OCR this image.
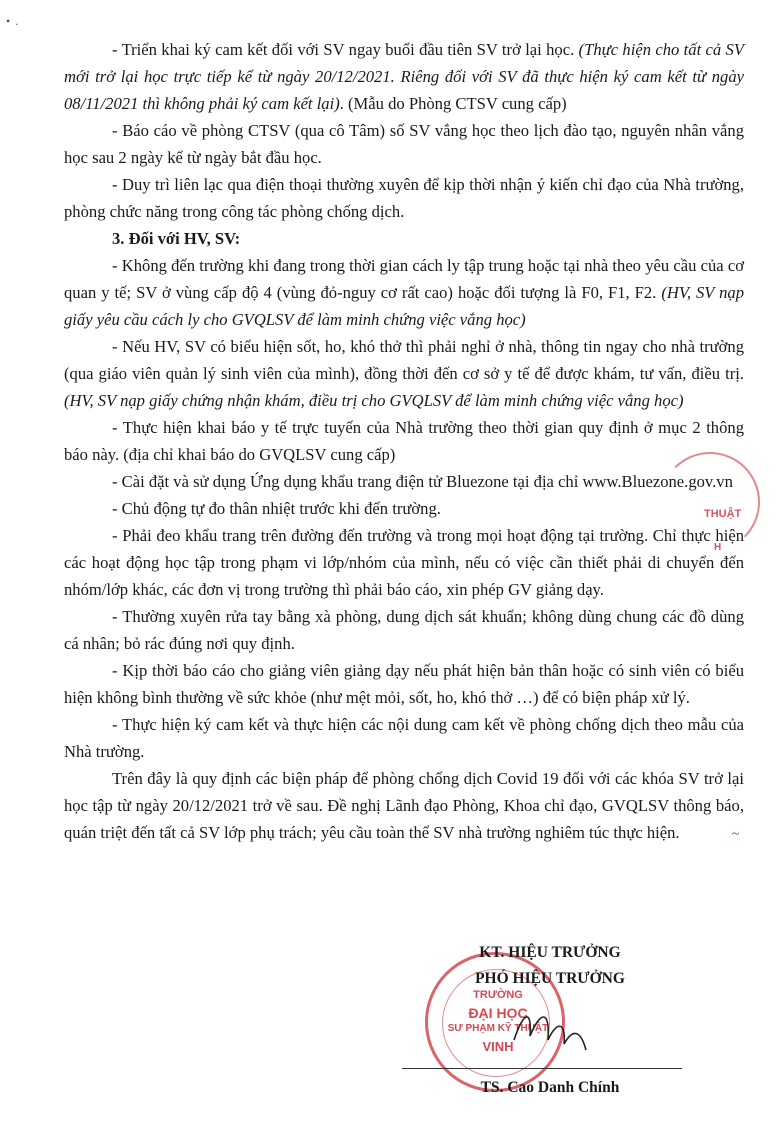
• .

- Triển khai ký cam kết đối với SV ngay buổi đầu tiên SV trở lại học. (Thực hiện cho tất cả SV mới trở lại học trực tiếp kể từ ngày 20/12/2021. Riêng đối với SV đã thực hiện ký cam kết từ ngày 08/11/2021 thì không phải ký cam kết lại). (Mẫu do Phòng CTSV cung cấp)

- Báo cáo về phòng CTSV (qua cô Tâm) số SV vắng học theo lịch đào tạo, nguyên nhân vắng học sau 2 ngày kể từ ngày bắt đầu học.

- Duy trì liên lạc qua điện thoại thường xuyên để kịp thời nhận ý kiến chỉ đạo của Nhà trường, phòng chức năng trong công tác phòng chống dịch.

3. Đối với HV, SV:

- Không đến trường khi đang trong thời gian cách ly tập trung hoặc tại nhà theo yêu cầu của cơ quan y tế; SV ở vùng cấp độ 4 (vùng đỏ-nguy cơ rất cao) hoặc đối tượng là F0, F1, F2. (HV, SV nạp giấy yêu cầu cách ly cho GVQLSV để làm minh chứng việc vắng học)

- Nếu HV, SV có biểu hiện sốt, ho, khó thở thì phải nghỉ ở nhà, thông tin ngay cho nhà trường (qua giáo viên quản lý sinh viên của mình), đồng thời đến cơ sở y tế để được khám, tư vấn, điều trị. (HV, SV nạp giấy chứng nhận khám, điều trị cho GVQLSV để làm minh chứng việc vắng học)

- Thực hiện khai báo y tế trực tuyến của Nhà trường theo thời gian quy định ở mục 2 thông báo này. (địa chỉ khai báo do GVQLSV cung cấp)

- Cài đặt và sử dụng Ứng dụng khẩu trang điện tử Bluezone tại địa chỉ www.Bluezone.gov.vn

- Chủ động tự đo thân nhiệt trước khi đến trường.

- Phải đeo khẩu trang trên đường đến trường và trong mọi hoạt động tại trường. Chỉ thực hiện các hoạt động học tập trong phạm vi lớp/nhóm của mình, nếu có việc cần thiết phải di chuyển đến nhóm/lớp khác, các đơn vị trong trường thì phải báo cáo, xin phép GV giảng dạy.

- Thường xuyên rửa tay bằng xà phòng, dung dịch sát khuẩn; không dùng chung các đồ dùng cá nhân; bỏ rác đúng nơi quy định.

- Kịp thời báo cáo cho giảng viên giảng dạy nếu phát hiện bản thân hoặc có sinh viên có biểu hiện không bình thường về sức khỏe (như mệt mỏi, sốt, ho, khó thở …) để có biện pháp xử lý.

- Thực hiện ký cam kết và thực hiện các nội dung cam kết về phòng chống dịch theo mẫu của Nhà trường.

Trên đây là quy định các biện pháp để phòng chống dịch Covid 19 đối với các khóa SV trở lại học tập từ ngày 20/12/2021 trở về sau. Đề nghị Lãnh đạo Phòng, Khoa chỉ đạo, GVQLSV thông báo, quán triệt đến tất cả SV lớp phụ trách; yêu cầu toàn thể SV nhà trường nghiêm túc thực hiện.	~

THUẬT
H
TRƯỜNG
ĐẠI HỌC
SƯ PHẠM KỸ THUẬT
VINH
KT. HIỆU TRƯỞNG
PHÓ HIỆU TRƯỞNG
TS. Cao Danh Chính
